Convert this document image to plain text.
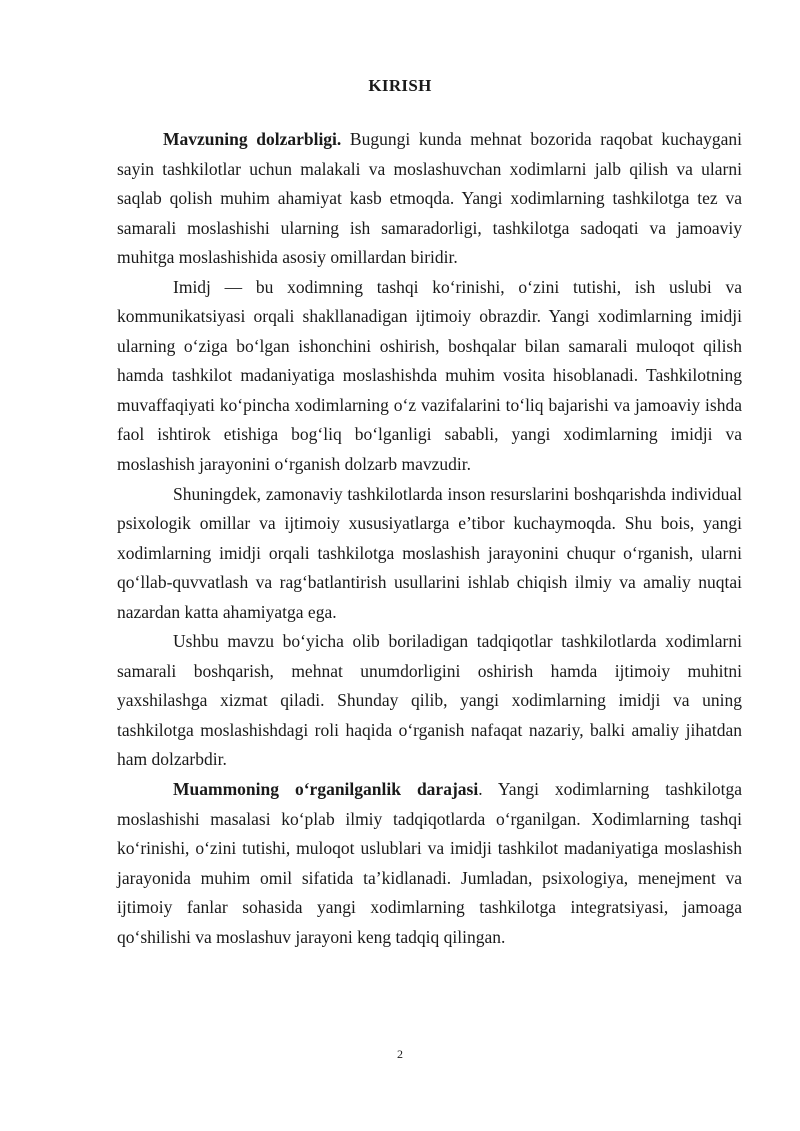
KIRISH

Mavzuning dolzarbligi. Bugungi kunda mehnat bozorida raqobat kuchaygani sayin tashkilotlar uchun malakali va moslashuvchan xodimlarni jalb qilish va ularni saqlab qolish muhim ahamiyat kasb etmoqda. Yangi xodimlarning tashkilotga tez va samarali moslashishi ularning ish samaradorligi, tashkilotga sadoqati va jamoaviy muhitga moslashishida asosiy omillardan biridir.

Imidj — bu xodimning tashqi ko‘rinishi, o‘zini tutishi, ish uslubi va kommunikatsiyasi orqali shakllanadigan ijtimoiy obrazdir. Yangi xodimlarning imidji ularning o‘ziga bo‘lgan ishonchini oshirish, boshqalar bilan samarali muloqot qilish hamda tashkilot madaniyatiga moslashishda muhim vosita hisoblanadi. Tashkilotning muvaffaqiyati ko‘pincha xodimlarning o‘z vazifalarini to‘liq bajarishi va jamoaviy ishda faol ishtirok etishiga bog‘liq bo‘lganligi sababli, yangi xodimlarning imidji va moslashish jarayonini o‘rganish dolzarb mavzudir.

Shuningdek, zamonaviy tashkilotlarda inson resurslarini boshqarishda individual psixologik omillar va ijtimoiy xususiyatlarga e’tibor kuchaymoqda. Shu bois, yangi xodimlarning imidji orqali tashkilotga moslashish jarayonini chuqur o‘rganish, ularni qo‘llab-quvvatlash va rag‘batlantirish usullarini ishlab chiqish ilmiy va amaliy nuqtai nazardan katta ahamiyatga ega.

Ushbu mavzu bo‘yicha olib boriladigan tadqiqotlar tashkilotlarda xodimlarni samarali boshqarish, mehnat unumdorligini oshirish hamda ijtimoiy muhitni yaxshilashga xizmat qiladi. Shunday qilib, yangi xodimlarning imidji va uning tashkilotga moslashishdagi roli haqida o‘rganish nafaqat nazariy, balki amaliy jihatdan ham dolzarbdir.

Muammoning o‘rganilganlik darajasi. Yangi xodimlarning tashkilotga moslashishi masalasi ko‘plab ilmiy tadqiqotlarda o‘rganilgan. Xodimlarning tashqi ko‘rinishi, o‘zini tutishi, muloqot uslublari va imidji tashkilot madaniyatiga moslashish jarayonida muhim omil sifatida ta’kidlanadi. Jumladan, psixologiya, menejment va ijtimoiy fanlar sohasida yangi xodimlarning tashkilotga integratsiyasi, jamoaga qo‘shilishi va moslashuv jarayoni keng tadqiq qilingan.

2
